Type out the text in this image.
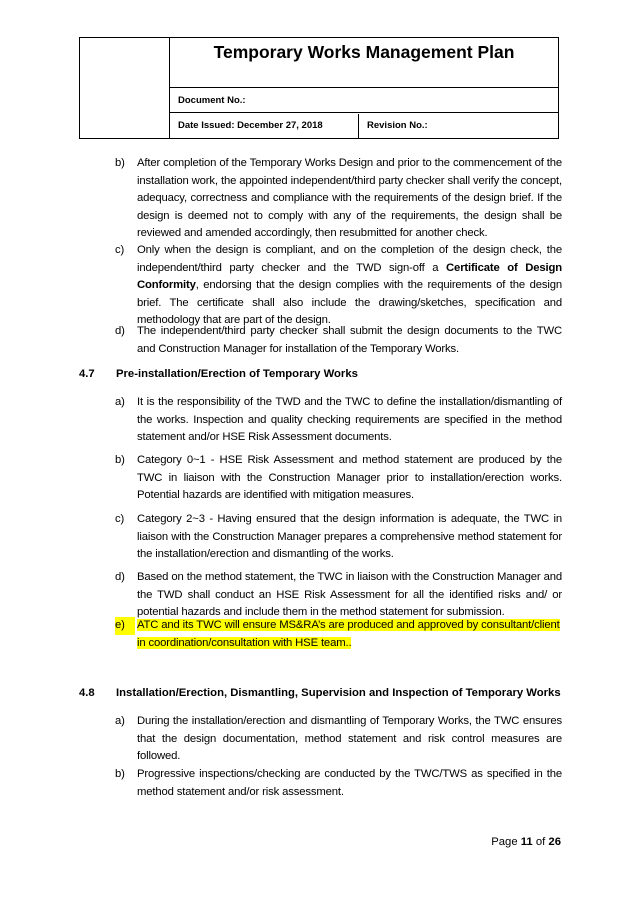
Temporary Works Management Plan
Document No.:
Date Issued: December 27, 2018	Revision No.:
b)	After completion of the Temporary Works Design and prior to the commencement of the installation work, the appointed independent/third party checker shall verify the concept, adequacy, correctness and compliance with the requirements of the design brief. If the design is deemed not to comply with any of the requirements, the design shall be reviewed and amended accordingly, then resubmitted for another check.
c)	Only when the design is compliant, and on the completion of the design check, the independent/third party checker and the TWD sign-off a Certificate of Design Conformity, endorsing that the design complies with the requirements of the design brief. The certificate shall also include the drawing/sketches, specification and methodology that are part of the design.
d)	The independent/third party checker shall submit the design documents to the TWC and Construction Manager for installation of the Temporary Works.
4.7 Pre-installation/Erection of Temporary Works
a)	It is the responsibility of the TWD and the TWC to define the installation/dismantling of the works. Inspection and quality checking requirements are specified in the method statement and/or HSE Risk Assessment documents.
b)	Category 0~1 - HSE Risk Assessment and method statement are produced by the TWC in liaison with the Construction Manager prior to installation/erection works. Potential hazards are identified with mitigation measures.
c)	Category 2~3 - Having ensured that the design information is adequate, the TWC in liaison with the Construction Manager prepares a comprehensive method statement for the installation/erection and dismantling of the works.
d)	Based on the method statement, the TWC in liaison with the Construction Manager and the TWD shall conduct an HSE Risk Assessment for all the identified risks and/ or potential hazards and include them in the method statement for submission.
e)	ATC and its TWC will ensure MS&RA’s are produced and approved by consultant/client in coordination/consultation with HSE team..
4.8 Installation/Erection, Dismantling, Supervision and Inspection of Temporary Works
a)	During the installation/erection and dismantling of Temporary Works, the TWC ensures that the design documentation, method statement and risk control measures are followed.
b)	Progressive inspections/checking are conducted by the TWC/TWS as specified in the method statement and/or risk assessment.
Page 11 of 26
